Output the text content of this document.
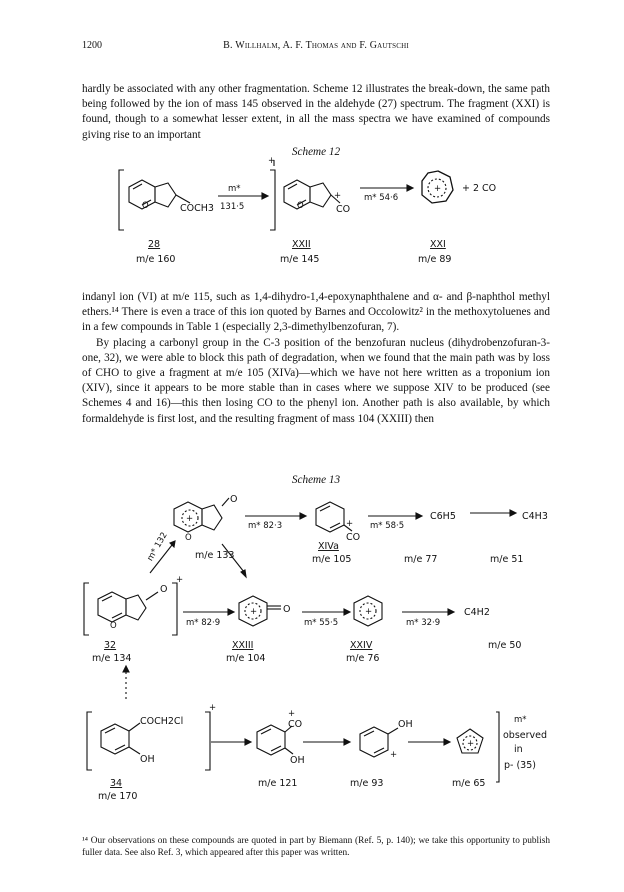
1200	B. Willhalm, A. F. Thomas and F. Gautschi

hardly be associated with any other fragmentation. Scheme 12 illustrates the break-down, the same path being followed by the ion of mass 145 observed in the aldehyde (27) spectrum. The fragment (XXI) is found, though to a somewhat lesser extent, in all the mass spectra we have examined of compounds giving rise to an important

Scheme 12

indanyl ion (VI) at m/e 115, such as 1,4-dihydro-1,4-epoxynaphthalene and α- and β-naphthol methyl ethers.¹⁴ There is even a trace of this ion quoted by Barnes and Occolowitz² in the methoxytoluenes and in a few compounds in Table 1 (especially 2,3-dimethylbenzofuran, 7).

By placing a carbonyl group in the C-3 position of the benzofuran nucleus (dihydrobenzofuran-3-one, 32), we were able to block this path of degradation, when we found that the main path was by loss of CHO to give a fragment at m/e 105 (XIVa)—which we have not here written as a troponium ion (XIV), since it appears to be more stable than in cases where we suppose XIV to be produced (see Schemes 4 and 16)—this then losing CO to the phenyl ion. Another path is also available, by which formaldehyde is first lost, and the resulting fragment of mass 104 (XXIII) then

Scheme 13
+
COCH3
O
m*
131·5	O	CO
+	m* 54·6
+ + 2 CO
28
m/e 160
XXII
m/e 145
XXI
m/e 89
O
+
O
m/e 133
m* 82·3	+
CO
XIVa
m/e 105
m* 58·5
C6H5
m/e 77
C4H3
m/e 51
m* 132
+
O
O	m* 82·9
+	O
m* 55·5
+
m* 32·9
C4H2
32
m/e 134
XXIII
m/e 104
XXIV
m/e 76
m/e 50
+
COCH2Cl
OH
+
CO
OH
OH
+
+
34
m/e 170
m/e 121	m/e 93	m/e 65
m*
observed
in
p- (35)
¹⁴ Our observations on these compounds are quoted in part by Biemann (Ref. 5, p. 140); we take this opportunity to publish fuller data. See also Ref. 3, which appeared after this paper was written.
